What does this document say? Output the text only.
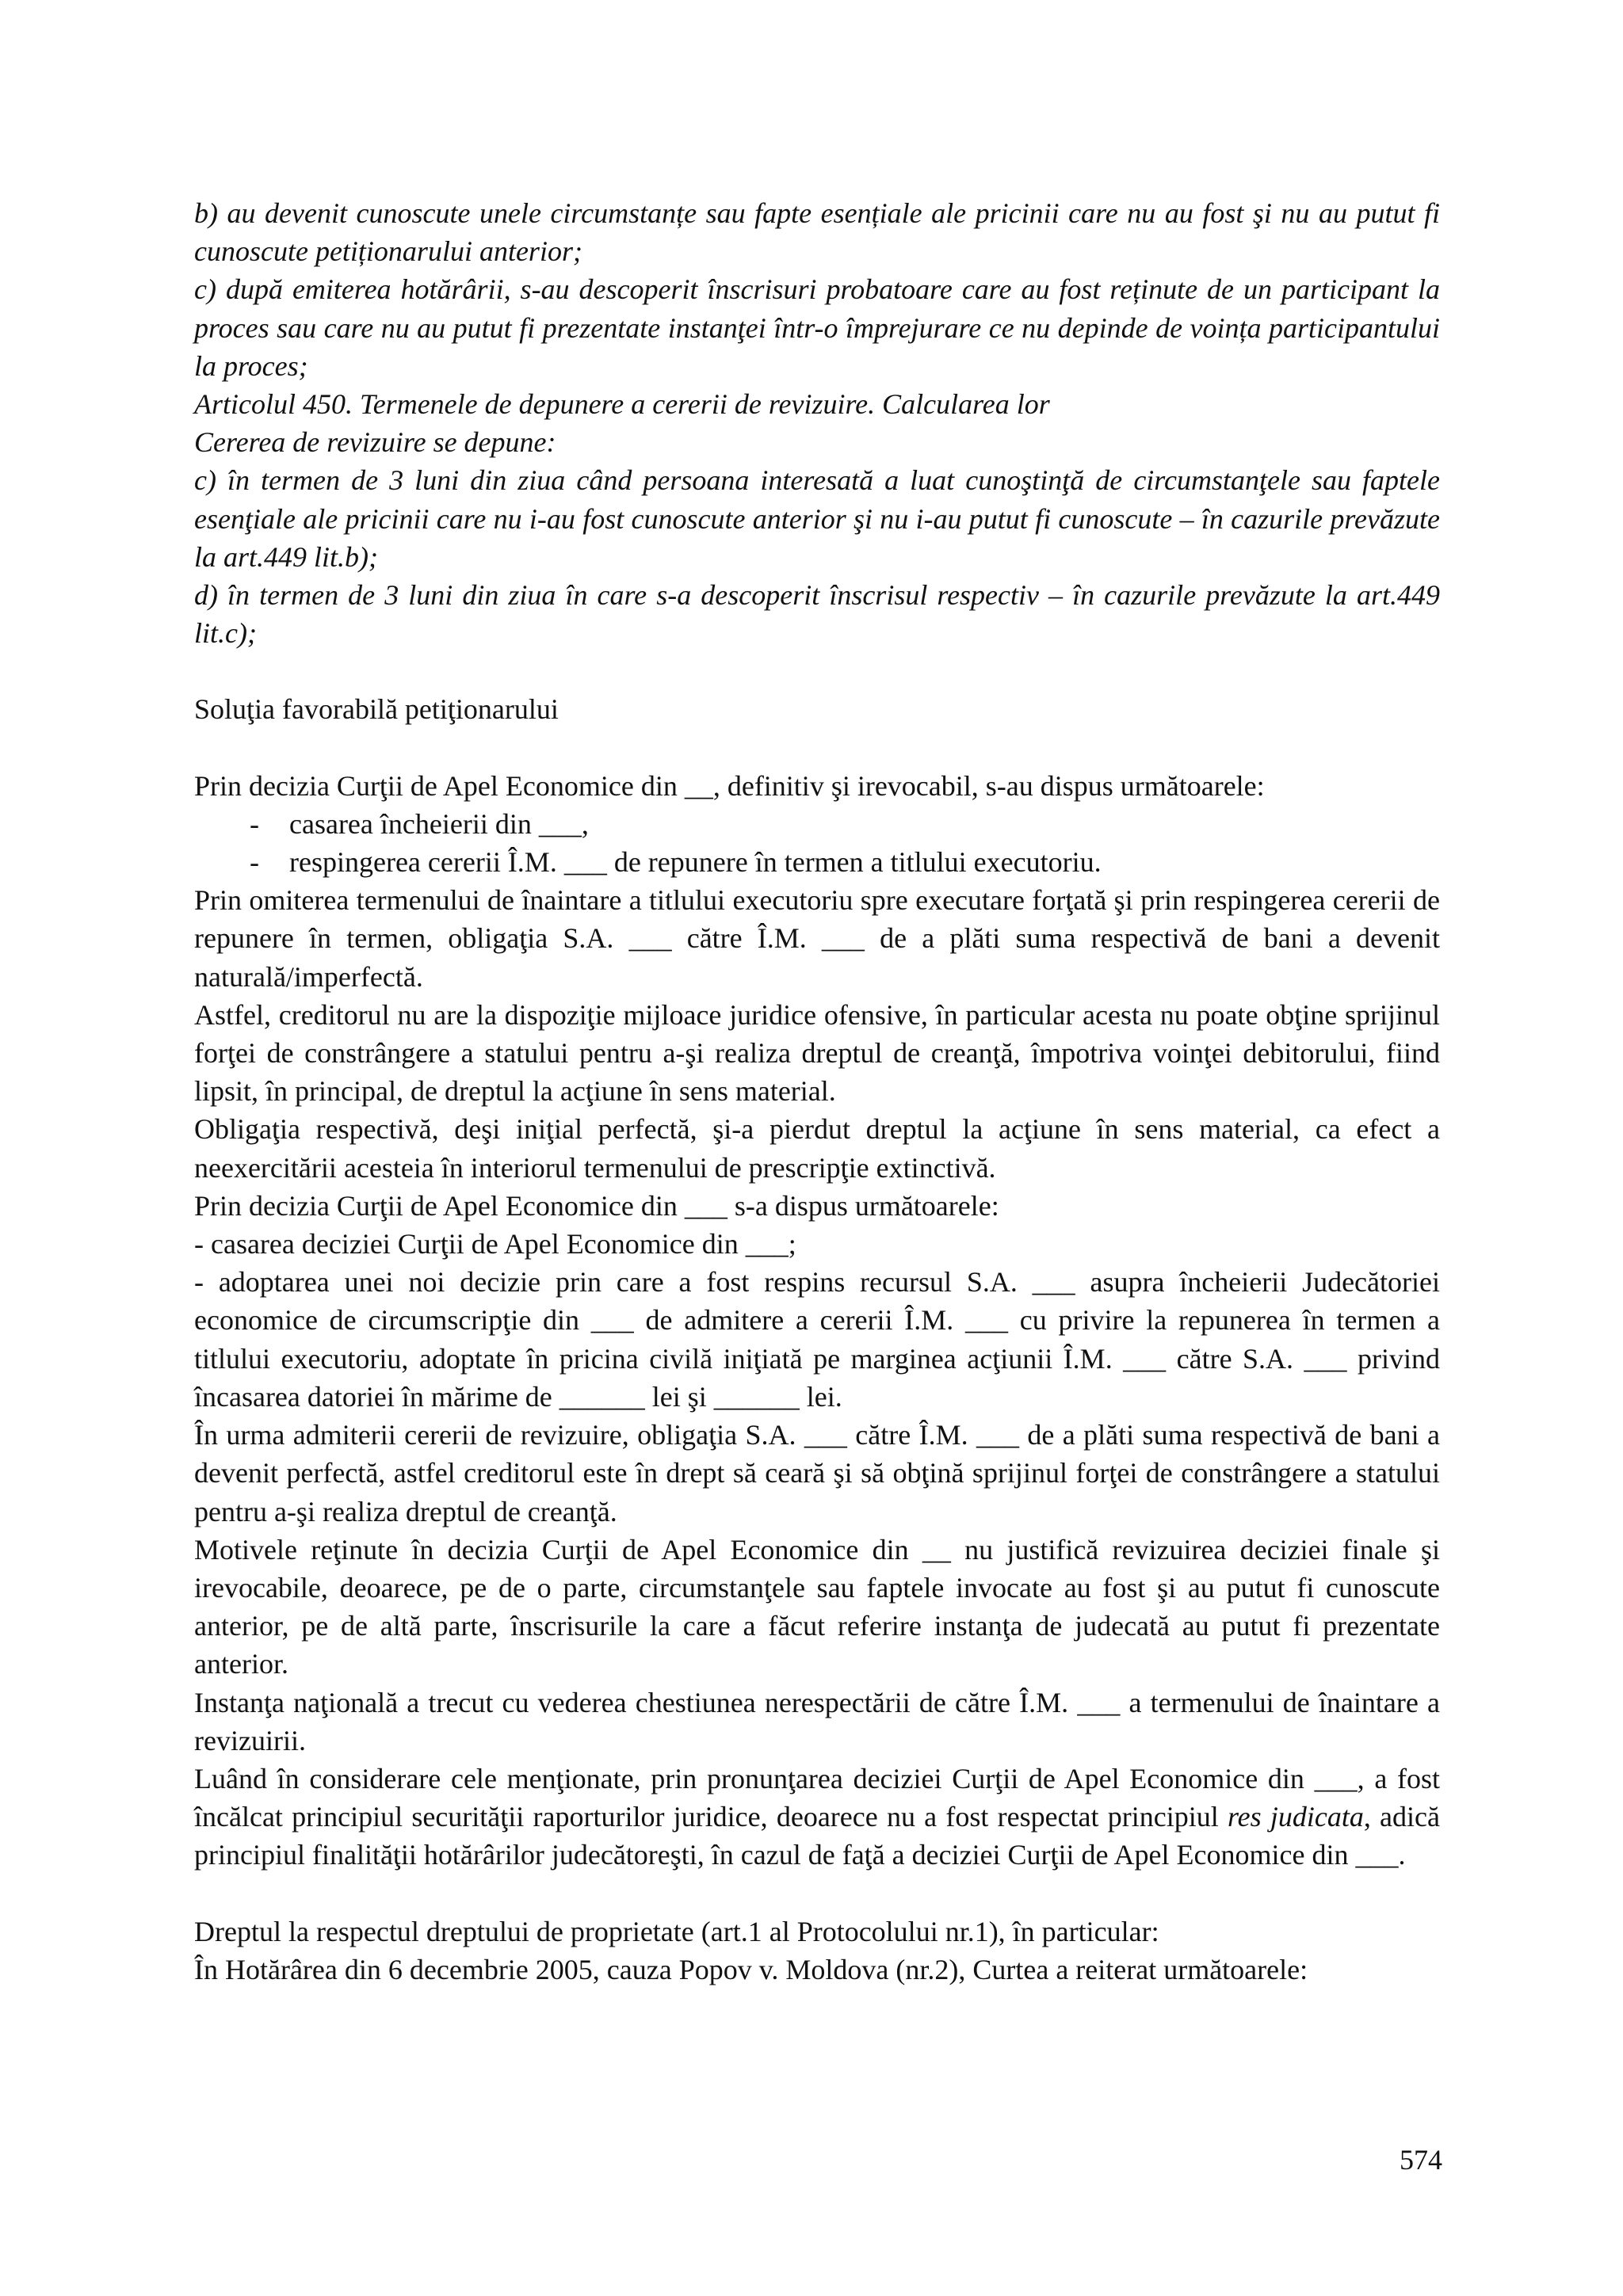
b) au devenit cunoscute unele circumstanțe sau fapte esențiale ale pricinii care nu au fost şi nu au putut fi cunoscute petiționarului anterior;

c) după emiterea hotărârii, s-au descoperit înscrisuri probatoare care au fost reținute de un participant la proces sau care nu au putut fi prezentate instanţei într-o împrejurare ce nu depinde de voința participantului la proces;

Articolul 450. Termenele de depunere a cererii de revizuire. Calcularea lor

Cererea de revizuire se depune:

c) în termen de 3 luni din ziua când persoana interesată a luat cunoştinţă de circumstanţele sau faptele esenţiale ale pricinii care nu i-au fost cunoscute anterior şi nu i-au putut fi cunoscute – în cazurile prevăzute la art.449 lit.b);

d) în termen de 3 luni din ziua în care s-a descoperit înscrisul respectiv – în cazurile prevăzute la art.449 lit.c);

Soluţia favorabilă petiţionarului

Prin decizia Curţii de Apel Economice din __, definitiv şi irevocabil, s-au dispus următoarele:

- casarea încheierii din ___,

- respingerea cererii Î.M. ___ de repunere în termen a titlului executoriu.

Prin omiterea termenului de înaintare a titlului executoriu spre executare forţată şi prin respingerea cererii de repunere în termen, obligaţia S.A. ___ către Î.M. ___ de a plăti suma respectivă de bani a devenit naturală/imperfectă.

Astfel, creditorul nu are la dispoziţie mijloace juridice ofensive, în particular acesta nu poate obţine sprijinul forţei de constrângere a statului pentru a-şi realiza dreptul de creanţă, împotriva voinţei debitorului, fiind lipsit, în principal, de dreptul la acţiune în sens material.

Obligaţia respectivă, deşi iniţial perfectă, şi-a pierdut dreptul la acţiune în sens material, ca efect a neexercitării acesteia în interiorul termenului de prescripţie extinctivă.

Prin decizia Curţii de Apel Economice din ___ s-a dispus următoarele:

- casarea deciziei Curţii de Apel Economice din ___;

- adoptarea unei noi decizie prin care a fost respins recursul S.A. ___ asupra încheierii Judecătoriei economice de circumscripţie din ___ de admitere a cererii Î.M. ___ cu privire la repunerea în termen a titlului executoriu, adoptate în pricina civilă iniţiată pe marginea acţiunii Î.M. ___ către S.A. ___ privind încasarea datoriei în mărime de ______ lei şi ______ lei.

În urma admiterii cererii de revizuire, obligaţia S.A. ___ către Î.M. ___ de a plăti suma respectivă de bani a devenit perfectă, astfel creditorul este în drept să ceară şi să obţină sprijinul forţei de constrângere a statului pentru a-şi realiza dreptul de creanţă.

Motivele reţinute în decizia Curţii de Apel Economice din __ nu justifică revizuirea deciziei finale şi irevocabile, deoarece, pe de o parte, circumstanţele sau faptele invocate au fost şi au putut fi cunoscute anterior, pe de altă parte, înscrisurile la care a făcut referire instanţa de judecată au putut fi prezentate anterior.

Instanţa naţională a trecut cu vederea chestiunea nerespectării de către Î.M. ___ a termenului de înaintare a revizuirii.

Luând în considerare cele menţionate, prin pronunţarea deciziei Curţii de Apel Economice din ___, a fost încălcat principiul securităţii raporturilor juridice, deoarece nu a fost respectat principiul res judicata, adică principiul finalităţii hotărârilor judecătoreşti, în cazul de faţă a deciziei Curţii de Apel Economice din ___.

Dreptul la respectul dreptului de proprietate (art.1 al Protocolului nr.1), în particular:

În Hotărârea din 6 decembrie 2005, cauza Popov v. Moldova (nr.2), Curtea a reiterat următoarele:

574
